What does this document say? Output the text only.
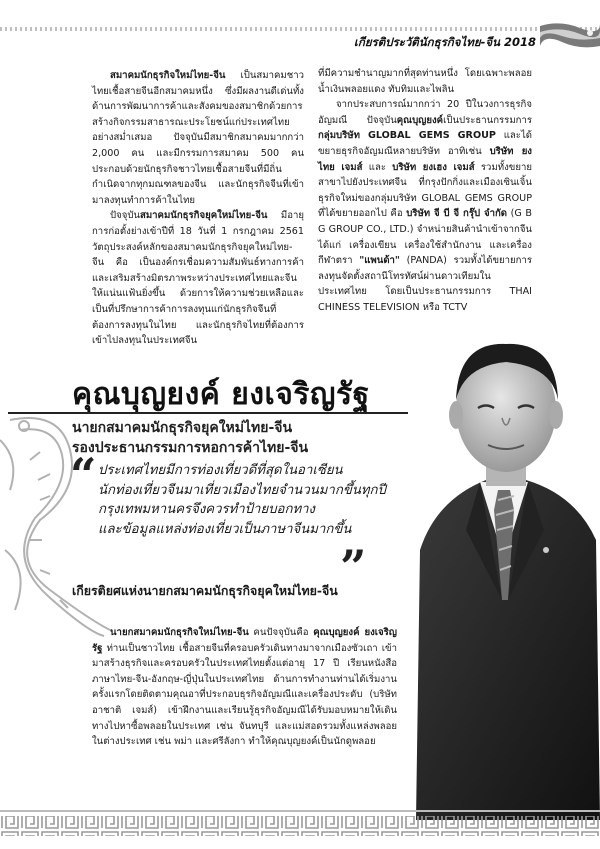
เกียรติประวัตินักธุรกิจไทย-จีน 2018

สมาคมนักธุรกิจใหม่ไทย-จีน เป็นสมาคมชาวไทยเชื้อสายจีนอีกสมาคมหนึ่ง ซึ่งมีผลงานดีเด่นทั้งด้านการพัฒนาการค้าและสังคมของสมาชิกด้วยการสร้างกิจกรรมสาธารณะประโยชน์แก่ประเทศไทยอย่างสม่ำเสมอ ปัจจุบันมีสมาชิกสมาคมมากกว่า 2,000 คน และมีกรรมการสมาคม 500 คน ประกอบด้วยนักธุรกิจชาวไทยเชื้อสายจีนที่มีถิ่นกำเนิดจากทุกมณฑลของจีน และนักธุรกิจจีนที่เข้ามาลงทุนทำการค้าในไทย

ปัจจุบันสมาคมนักธุรกิจยุคใหม่ไทย-จีน มีอายุการก่อตั้งย่างเข้าปีที่ 18 วันที่ 1 กรกฎาคม 2561 วัตถุประสงค์หลักของสมาคมนักธุรกิจยุคใหม่ไทย-จีน คือ เป็นองค์กรเชื่อมความสัมพันธ์ทางการค้า และเสริมสร้างมิตรภาพระหว่างประเทศไทยและจีน ให้แน่นแฟ้นยิ่งขึ้น ด้วยการให้ความช่วยเหลือและเป็นที่ปรึกษาการค้าการลงทุนแก่นักธุรกิจจีนที่ต้องการลงทุนในไทย และนักธุรกิจไทยที่ต้องการเข้าไปลงทุนในประเทศจีน

ที่มีความชำนาญมากที่สุดท่านหนึ่ง โดยเฉพาะพลอยน้ำเงินพลอยแดง ทับทิมและไพลิน

จากประสบการณ์มากกว่า 20 ปีในวงการธุรกิจอัญมณี ปัจจุบันคุณบุญยงค์เป็นประธานกรรมการกลุ่มบริษัท GLOBAL GEMS GROUP และได้ขยายธุรกิจอัญมณีหลายบริษัท อาทิเช่น บริษัท ยงไทย เจมส์ และ บริษัท ยงเฮง เจมส์ รวมทั้งขยายสาขาไปยังประเทศจีน ที่กรุงปักกิ่งและเมืองเซินเจิ้น ธุรกิจใหม่ของกลุ่มบริษัท GLOBAL GEMS GROUP ที่ได้ขยายออกไป คือ บริษัท จี บี จี กรุ๊ป จำกัด (G B G GROUP CO., LTD.) จำหน่ายสินค้านำเข้าจากจีนได้แก่ เครื่องเขียน เครื่องใช้สำนักงาน และเครื่องกีฬาตรา "แพนด้า" (PANDA) รวมทั้งได้ขยายการลงทุนจัดตั้งสถานีโทรทัศน์ผ่านดาวเทียมในประเทศไทย โดยเป็นประธานกรรมการ THAI CHINESS TELEVISION หรือ TCTV

คุณบุญยงค์ ยงเจริญรัฐ
นายกสมาคมนักธุรกิจยุคใหม่ไทย-จีน
รองประธานกรรมการหอการค้าไทย-จีน
“ ประเทศไทยมีการท่องเที่ยวดีที่สุดในอาเซียน
นักท่องเที่ยวจีนมาเที่ยวเมืองไทยจำนวนมากขึ้นทุกปี
กรุงเทพมหานครจึงควรทำป้ายบอกทาง
และข้อมูลแหล่งท่องเที่ยวเป็นภาษาจีนมากขึ้น
”
เกียรติยศแห่งนายกสมาคมนักธุรกิจยุคใหม่ไทย-จีน

นายกสมาคมนักธุรกิจใหม่ไทย-จีน คนปัจจุบันคือ คุณบุญยงค์ ยงเจริญรัฐ ท่านเป็นชาวไทย เชื้อสายจีนที่ครอบครัวเดินทางมาจากเมืองซัวเถา เข้ามาสร้างธุรกิจและครอบครัวในประเทศไทยตั้งแต่อายุ 17 ปี เรียนหนังสือภาษาไทย-จีน-อังกฤษ-ญี่ปุ่นในประเทศไทย ด้านการทำงานท่านได้เริ่มงานครั้งแรกโดยติดตามคุณอาที่ประกอบธุรกิจอัญมณีและเครื่องประดับ (บริษัท อาชาติ เจมส์) เข้าฝึกงานและเรียนรู้ธุรกิจอัญมณีได้รับมอบหมายให้เดินทางไปหาซื้อพลอยในประเทศ เช่น จันทบุรี และแม่สอดรวมทั้งแหล่งพลอยในต่างประเทศ เช่น พม่า และศรีลังกา ทำให้คุณบุญยงค์เป็นนักดูพลอย
